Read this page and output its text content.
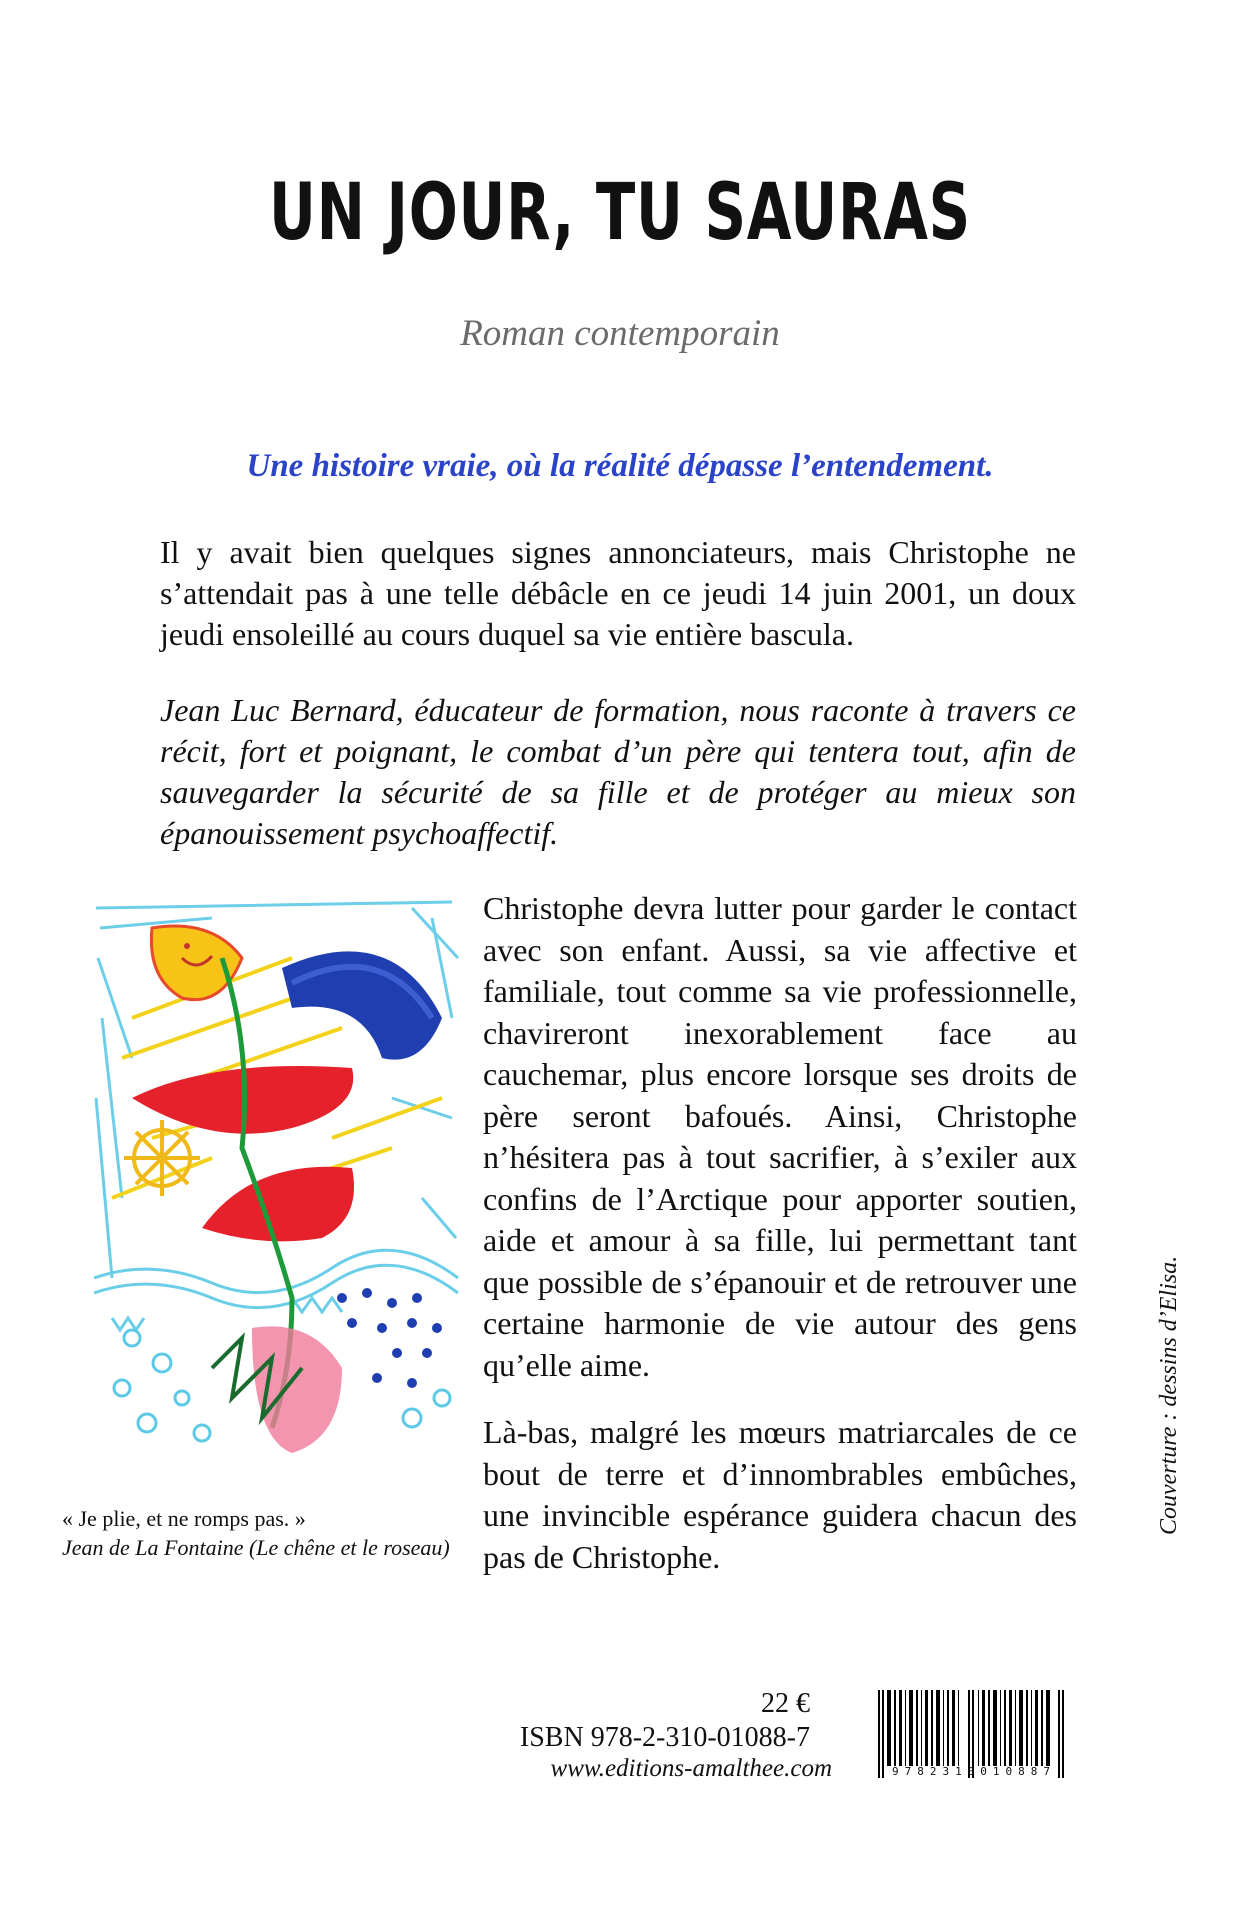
UN JOUR, TU SAURAS

Roman contemporain

Une histoire vraie, où la réalité dépasse l’entendement.

Il y avait bien quelques signes annonciateurs, mais Christophe ne s’attendait pas à une telle débâcle en ce jeudi 14 juin 2001, un doux jeudi ensoleillé au cours duquel sa vie entière bascula.

Jean Luc Bernard, éducateur de formation, nous raconte à travers ce récit, fort et poignant, le combat d’un père qui tentera tout, afin de sauvegarder la sécurité de sa fille et de protéger au mieux son épanouissement psychoaffectif.

Christophe devra lutter pour garder le contact avec son enfant. Aussi, sa vie affective et familiale, tout comme sa vie professionnelle, chavireront inexorablement face au cauchemar, plus encore lorsque ses droits de père seront bafoués. Ainsi, Christophe n’hésitera pas à tout sacrifier, à s’exiler aux confins de l’Arctique pour apporter soutien, aide et amour à sa fille, lui permettant tant que possible de s’épanouir et de retrouver une certaine harmonie de vie autour des gens qu’elle aime.

Là-bas, malgré les mœurs matriarcales de ce bout de terre et d’innombrables embûches, une invincible espérance guidera chacun des pas de Christophe.

« Je plie, et ne romps pas. »
Jean de La Fontaine (Le chêne et le roseau)
Couverture : dessins d’Elisa.

22 €

ISBN 978-2-310-01088-7

www.editions-amalthee.com	9782310010887
